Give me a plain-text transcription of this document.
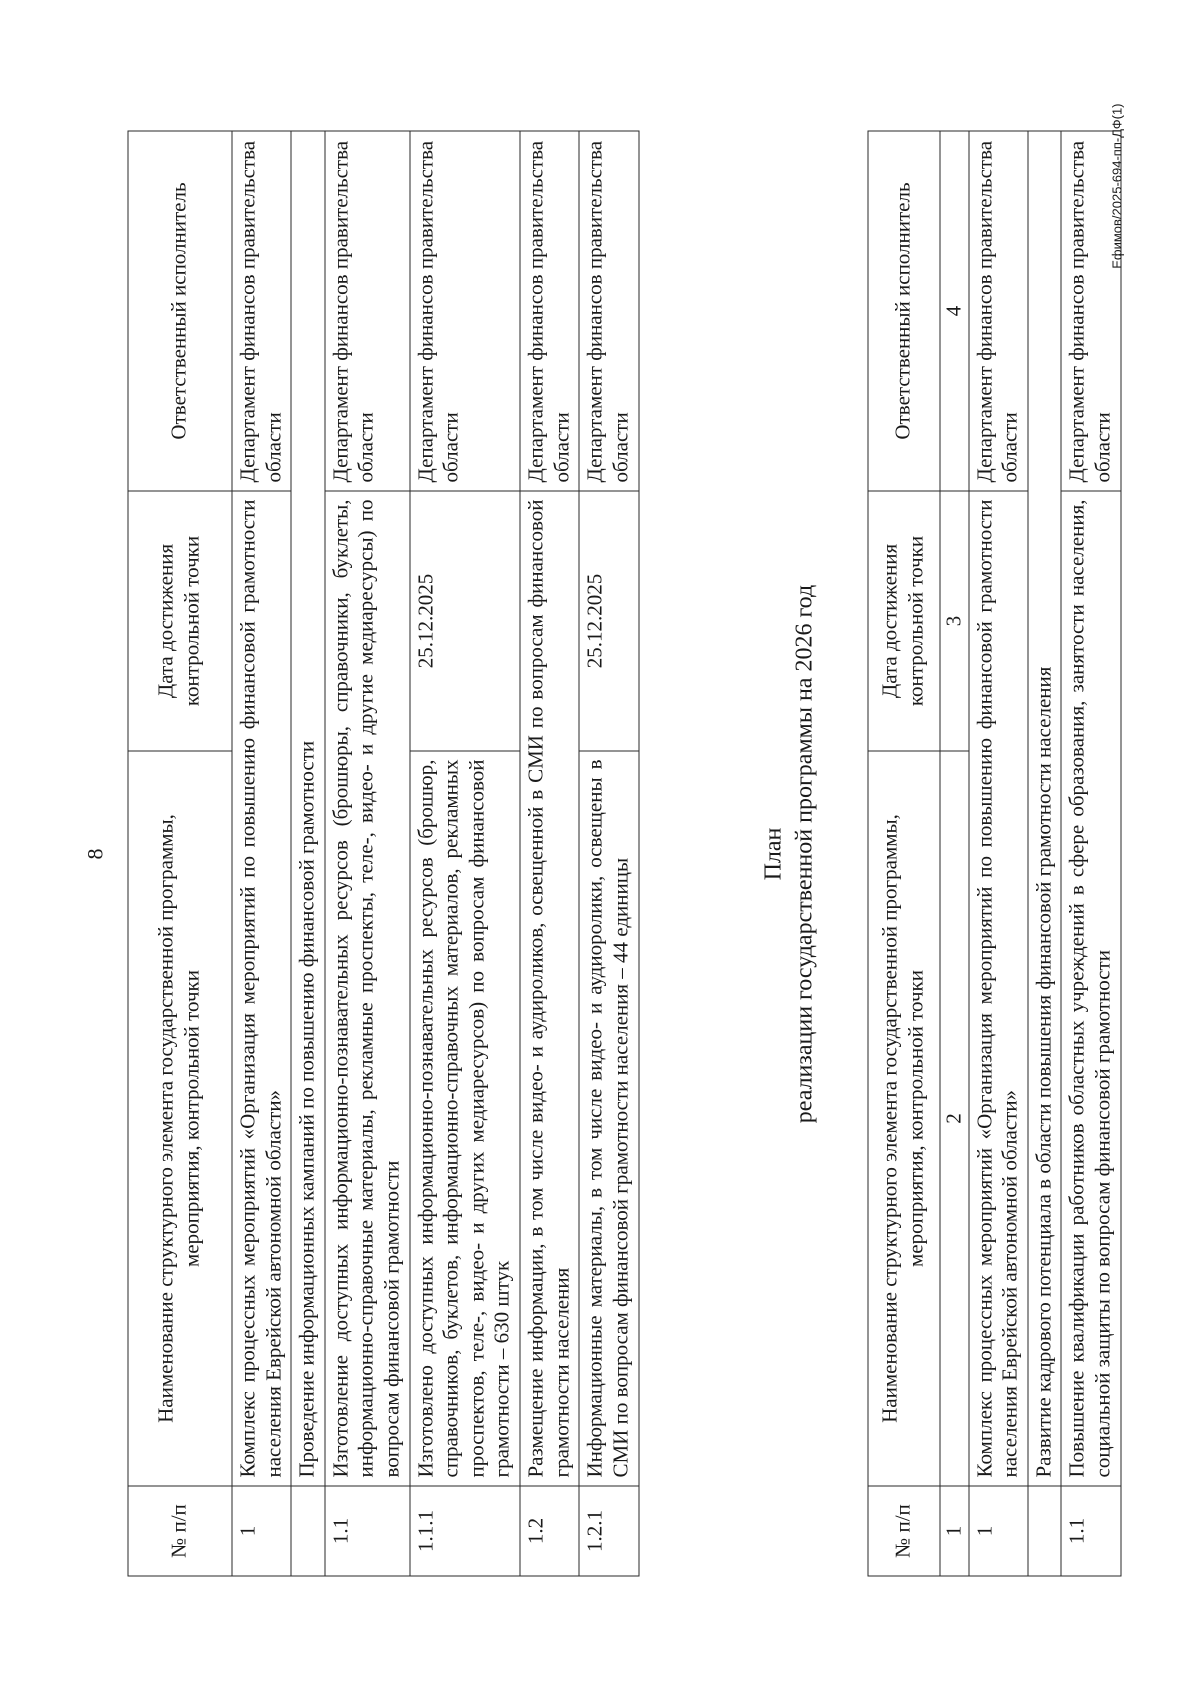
8
№ п/п	Наименование структурного элемента государственной программы, мероприятия, контрольной точки	Дата достижения контрольной точки	Ответственный исполнитель
1	Комплекс процессных мероприятий «Организация мероприятий по повышению финансовой грамотности населения Еврейской автономной области»		Департамент финансов правительства области
	Проведение информационных кампаний по повышению финансовой грамотности		
1.1	Изготовление доступных информационно-познавательных ресурсов (брошюры, справочники, буклеты, информационно-справочные материалы, рекламные проспекты, теле-, видео- и другие медиаресурсы) по вопросам финансовой грамотности		Департамент финансов правительства области
1.1.1	Изготовлено доступных информационно-познавательных ресурсов (брошюр, справочников, буклетов, информационно-справочных материалов, рекламных проспектов, теле-, видео- и других медиаресурсов) по вопросам финансовой грамотности – 630 штук	25.12.2025	Департамент финансов правительства области
1.2	Размещение информации, в том числе видео- и аудироликов, освещенной в СМИ по вопросам финансовой грамотности населения		Департамент финансов правительства области
1.2.1	Информационные материалы, в том числе видео- и аудиоролики, освещены в СМИ по вопросам финансовой грамотности населения – 44 единицы	25.12.2025	Департамент финансов правительства области
План реализации государственной программы на 2026 год
№ п/п	Наименование структурного элемента государственной программы, мероприятия, контрольной точки	Дата достижения контрольной точки	Ответственный исполнитель
1	2	3	4
1	Комплекс процессных мероприятий «Организация мероприятий по повышению финансовой грамотности населения Еврейской автономной области»		Департамент финансов правительства области
	Развитие кадрового потенциала в области повышения финансовой грамотности населения		
1.1	Повышение квалификации работников областных учреждений в сфере образования, занятости населения, социальной защиты по вопросам финансовой грамотности		Департамент финансов правительства области
Ефимов/2025-694-пп-ДФ(1)
